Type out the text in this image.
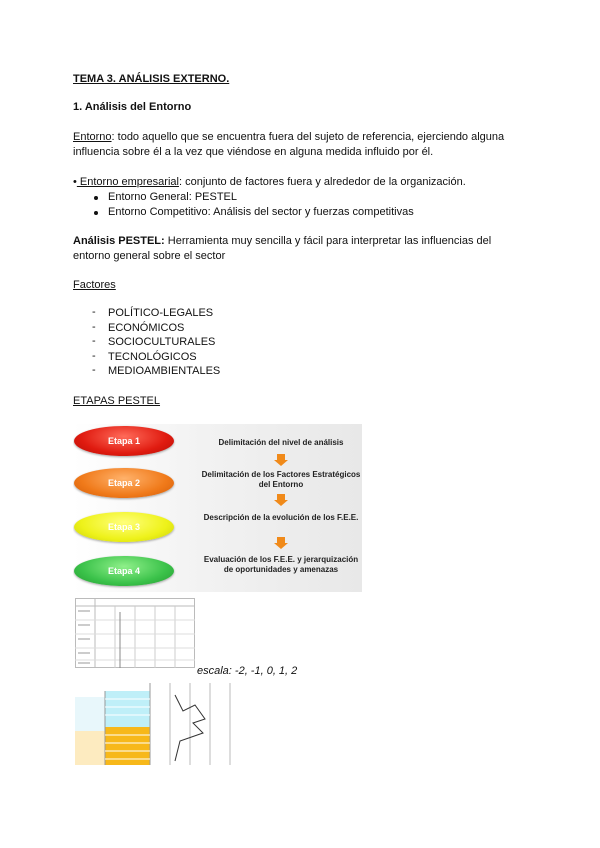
TEMA 3. ANÁLISIS EXTERNO.
1. Análisis del Entorno
Entorno: todo aquello que se encuentra fuera del sujeto de referencia, ejerciendo alguna
influencia sobre él a la vez que viéndose en alguna medida influido por él.
• Entorno empresarial: conjunto de factores fuera y alrededor de la organización.
Entorno General: PESTEL
Entorno Competitivo: Análisis del sector y fuerzas competitivas
Análisis PESTEL: Herramienta muy sencilla y fácil para interpretar las influencias del
entorno general sobre el sector
Factores
- POLÍTICO-LEGALES
- ECONÓMICOS
- SOCIOCULTURALES
- TECNOLÓGICOS
- MEDIOAMBIENTALES
ETAPAS PESTEL
Etapa 1
Etapa 2
Etapa 3
Etapa 4
Delimitación del nivel de análisis
Delimitación de los Factores Estratégicos del Entorno
Descripción de la evolución de los F.E.E.
Evaluación de los F.E.E. y jerarquización de oportunidades y amenazas
escala: -2, -1, 0, 1, 2
